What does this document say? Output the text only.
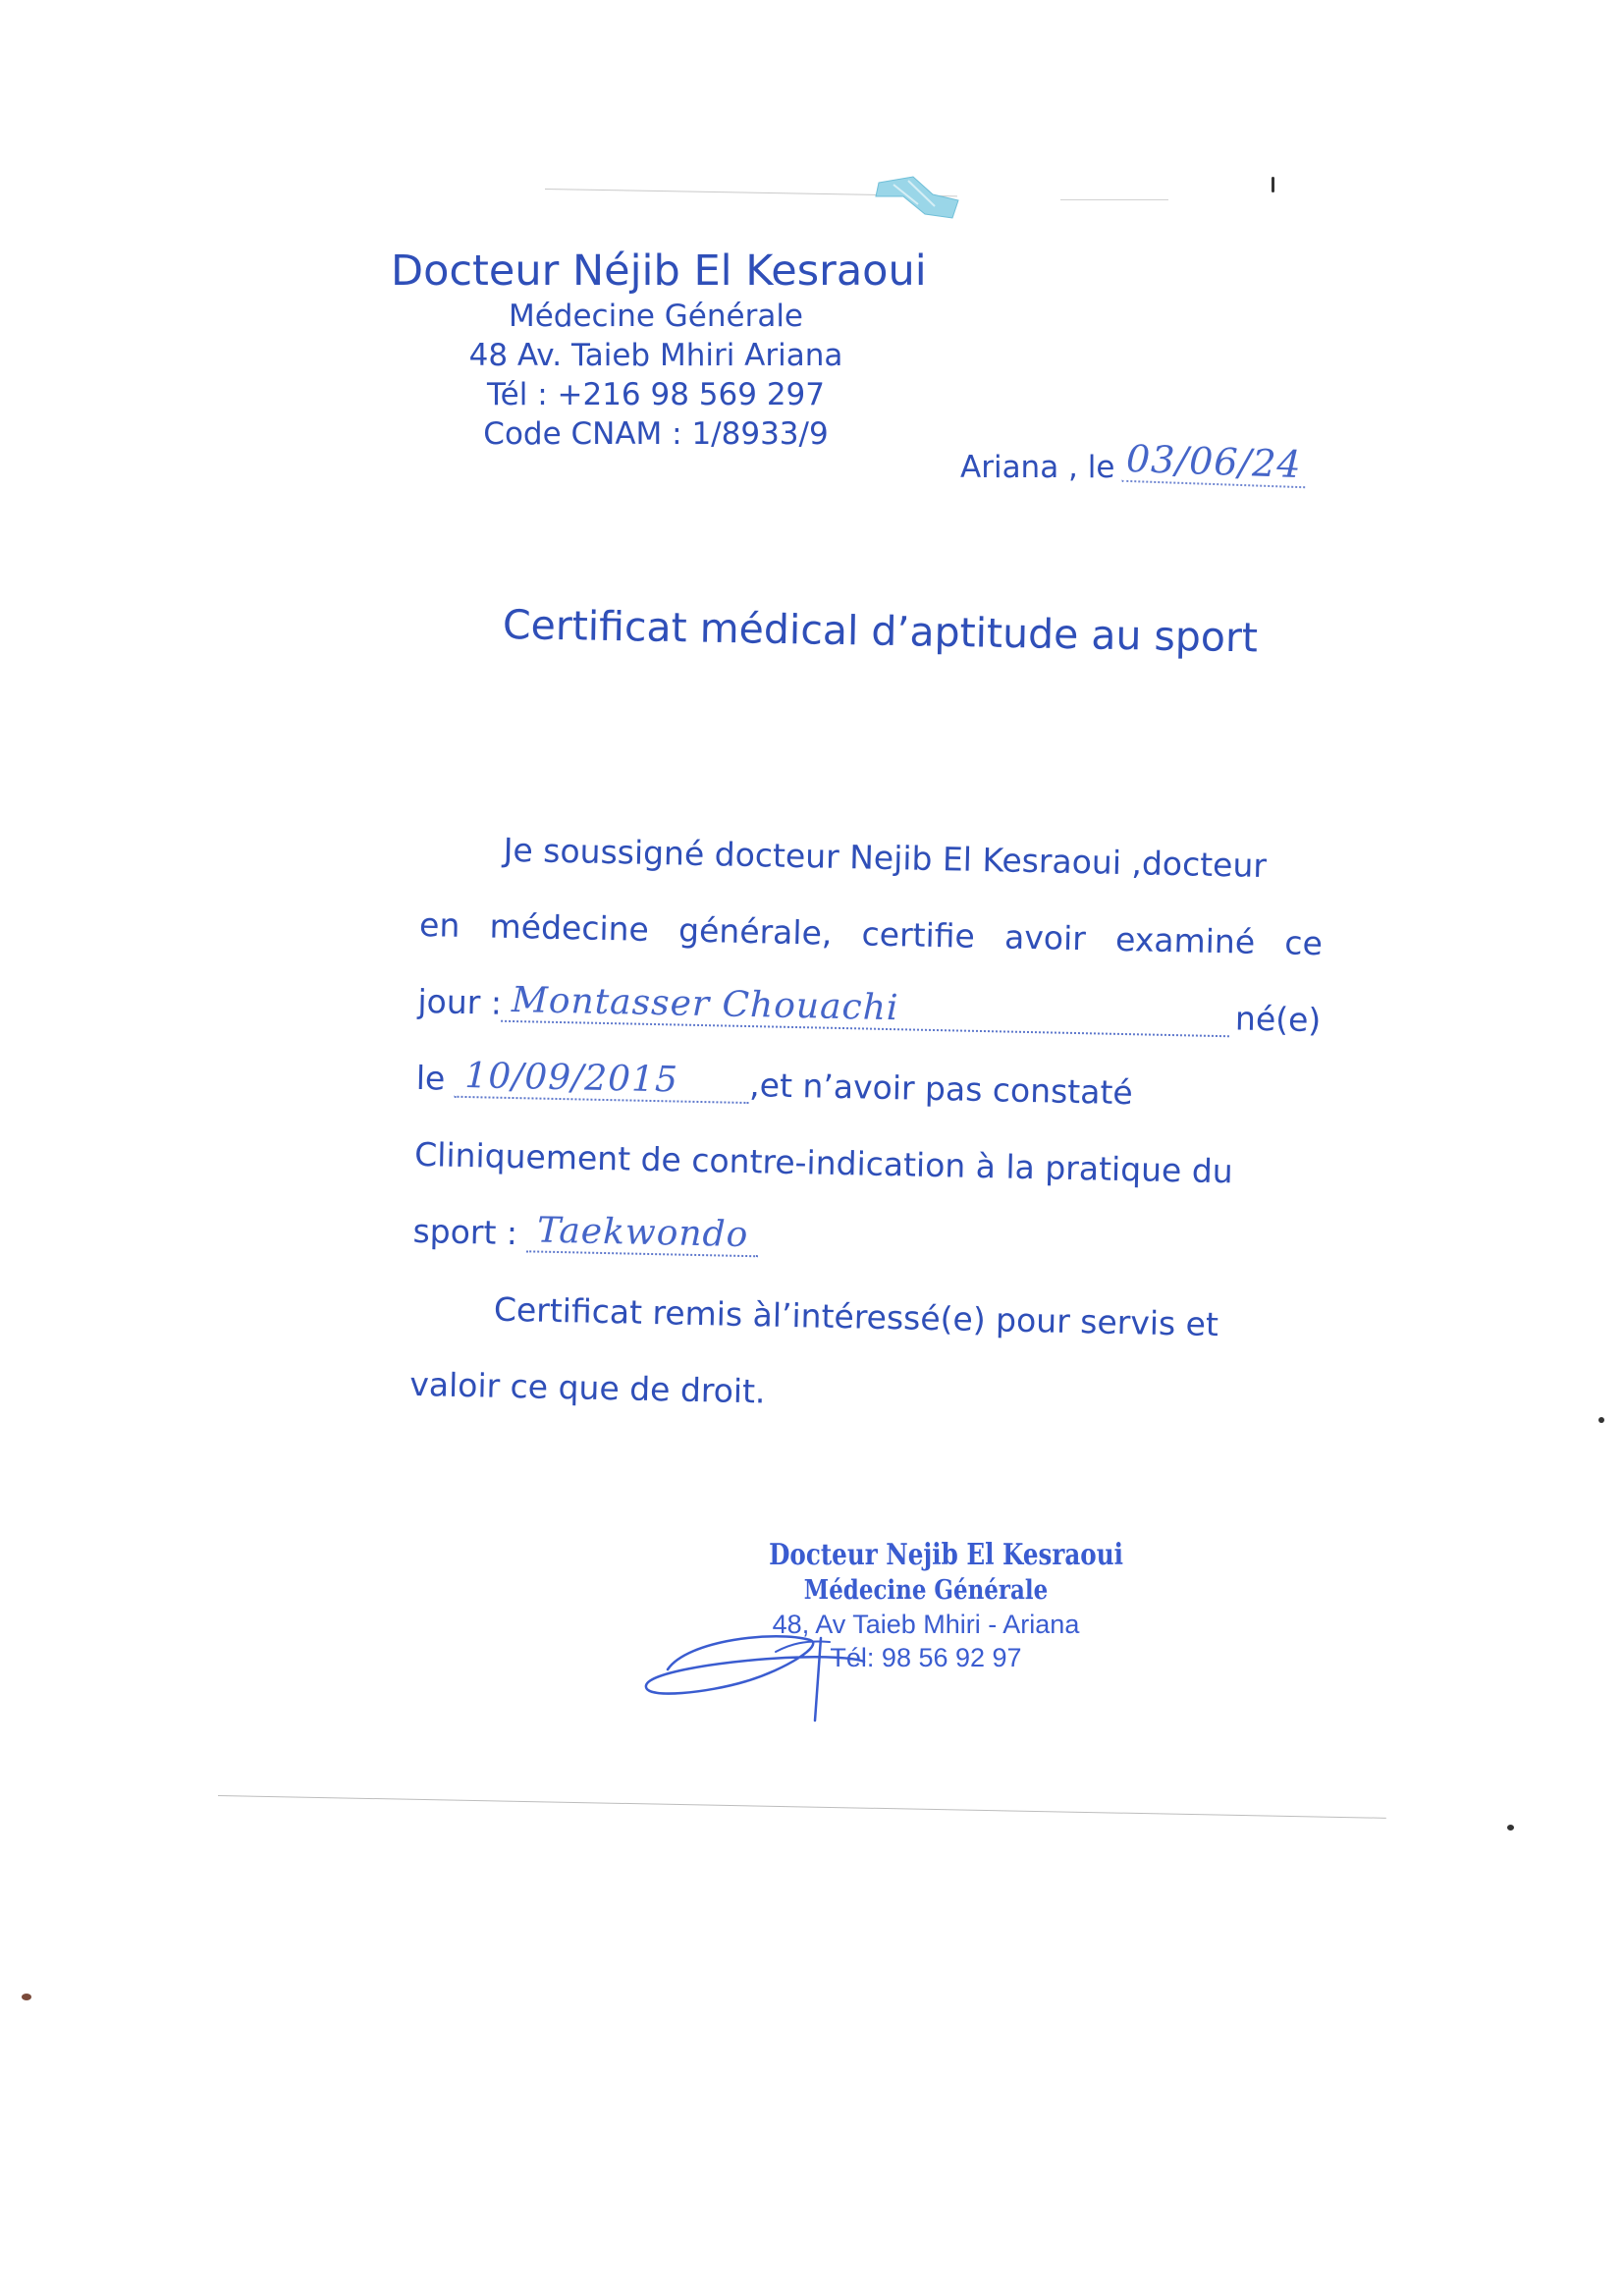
Docteur Néjib El Kesraoui
Médecine Générale
48 Av. Taieb Mhiri Ariana
Tél : +216 98 569 297
Code CNAM : 1/8933/9
Ariana , le 03/06/24
Certificat médical d’aptitude au sport
Je soussigné docteur Nejib El Kesraoui ,docteur
en médecine générale, certifie avoir examiné ce
jour : Montasser Chouachi	né(e)
le 10/09/2015	,et n’avoir pas constaté
Cliniquement de contre-indication à la pratique du
sport : Taekwondo
Certificat remis àl’intéressé(e) pour servis et
valoir ce que de droit.
Docteur Nejib El Kesraoui
Médecine Générale
48, Av Taieb Mhiri - Ariana
Tél: 98 56 92 97
